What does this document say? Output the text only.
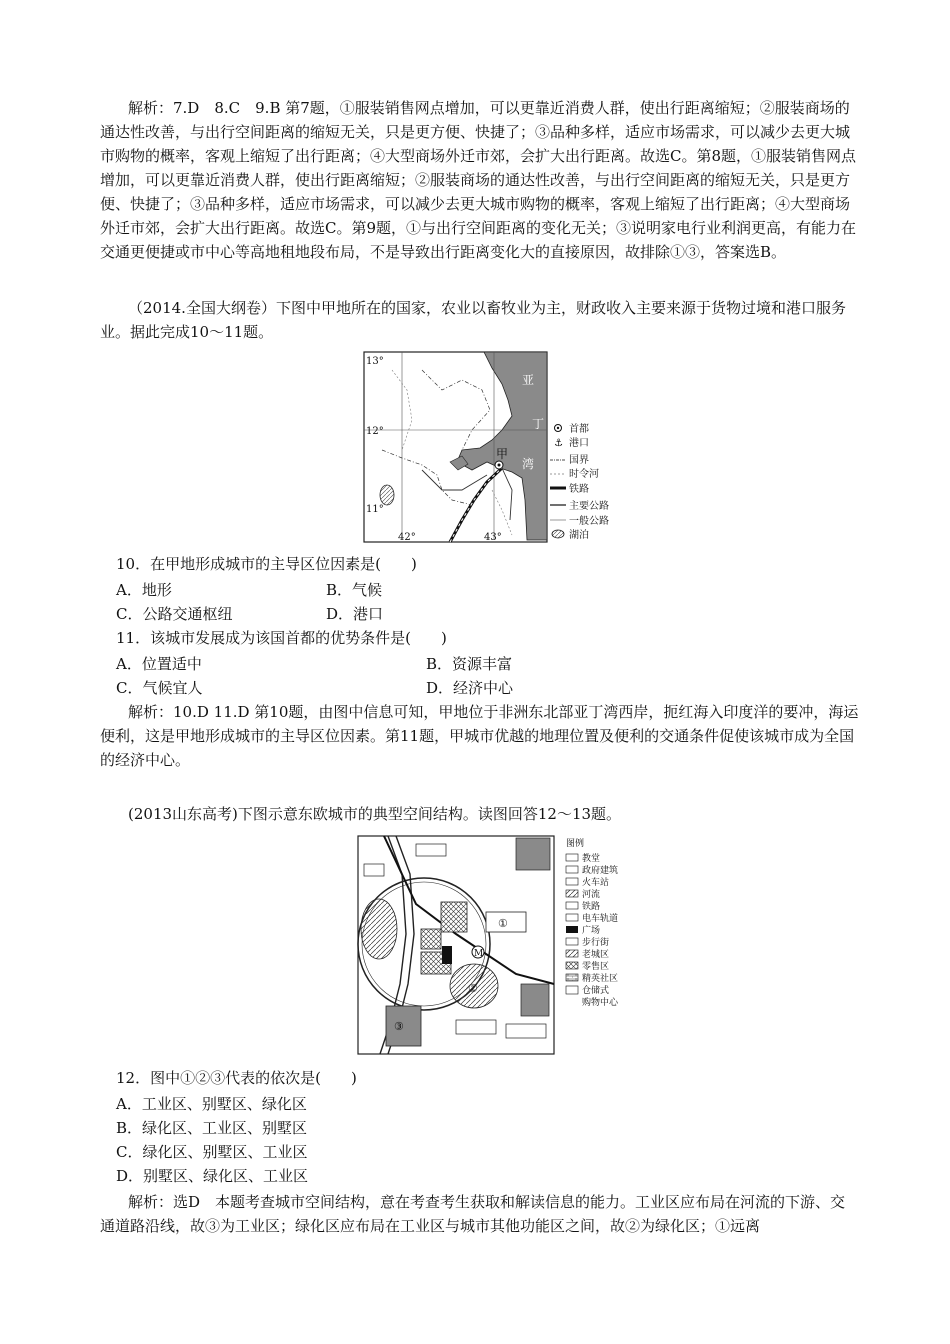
解析：7.D　8.C　9.B 第7题，①服装销售网点增加，可以更靠近消费人群，使出行距离缩短；②服装商场的通达性改善，与出行空间距离的缩短无关，只是更方便、快捷了；③品种多样，适应市场需求，可以减少去更大城市购物的概率，客观上缩短了出行距离；④大型商场外迁市郊，会扩大出行距离。故选C。第8题，①服装销售网点增加，可以更靠近消费人群，使出行距离缩短；②服装商场的通达性改善，与出行空间距离的缩短无关，只是更方便、快捷了；③品种多样，适应市场需求，可以减少去更大城市购物的概率，客观上缩短了出行距离；④大型商场外迁市郊，会扩大出行距离。故选C。第9题，①与出行空间距离的变化无关；③说明家电行业利润更高，有能力在交通更便捷或市中心等高地租地段布局，不是导致出行距离变化大的直接原因，故排除①③，答案选B。

（2014.全国大纲卷）下图中甲地所在的国家，农业以畜牧业为主，财政收入主要来源于货物过境和港口服务业。据此完成10～11题。

13°
12°
11°
42°	43°
亚
丁
湾
甲
首都
⚓ 港口
国界
时令河
铁路
主要公路
一般公路
湖泊

10．在甲地形成城市的主导区位因素是(　　)

A．地形	B．气候

C．公路交通枢纽	D．港口

11．该城市发展成为该国首都的优势条件是(　　)

A．位置适中	B．资源丰富

C．气候宜人	D．经济中心

解析：10.D 11.D 第10题，由图中信息可知，甲地位于非洲东北部亚丁湾西岸，扼红海入印度洋的要冲，海运便利，这是甲地形成城市的主导区位因素。第11题，甲城市优越的地理位置及便利的交通条件促使该城市成为全国的经济中心。

(2013山东高考)下图示意东欧城市的典型空间结构。读图回答12～13题。

②
①
③
M
图例
教堂
政府建筑
火车站
河流
铁路
电车轨道
广场
步行街
老城区
零售区
精英社区
仓储式
购物中心

12．图中①②③代表的依次是(　　)

A．工业区、别墅区、绿化区

B．绿化区、工业区、别墅区

C．绿化区、别墅区、工业区

D．别墅区、绿化区、工业区

解析：选D　本题考查城市空间结构，意在考查考生获取和解读信息的能力。工业区应布局在河流的下游、交通道路沿线，故③为工业区；绿化区应布局在工业区与城市其他功能区之间，故②为绿化区；①远离
